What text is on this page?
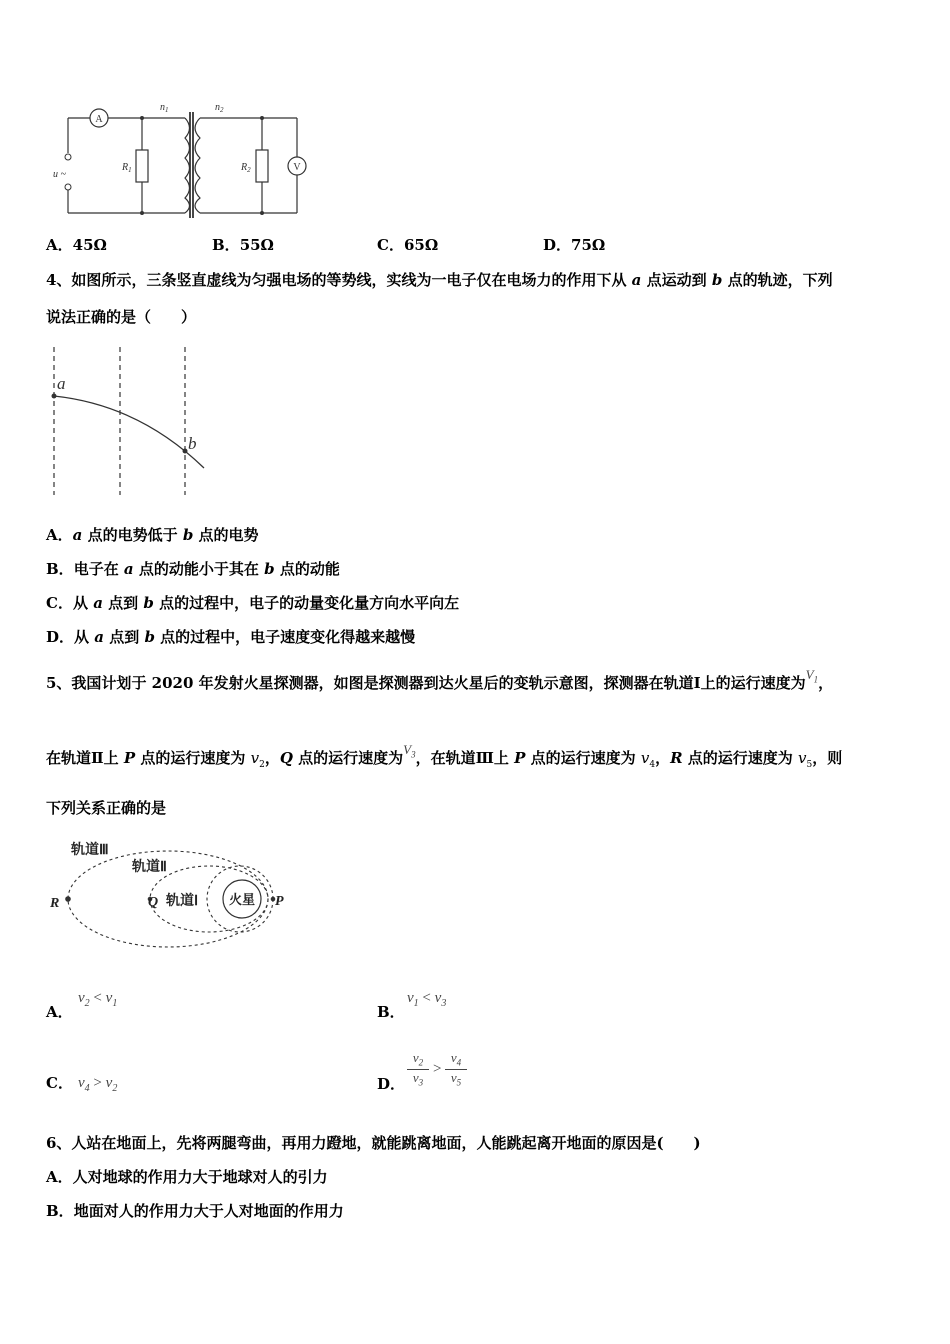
A
V
$n_1$	$n_2$
u ~
$R_1$	$R_2$
A．45Ω	B．55Ω	C．65Ω	D．75Ω
4、如图所示，三条竖直虚线为匀强电场的等势线，实线为一电子仅在电场力的作用下从 a 点运动到 b 点的轨迹，下列
说法正确的是（　　）
a
b
A．a 点的电势低于 b 点的电势
B．电子在 a 点的动能小于其在 b 点的动能
C．从 a 点到 b 点的过程中，电子的动量变化量方向水平向左
D．从 a 点到 b 点的过程中，电子速度变化得越来越慢
5、我国计划于 2020 年发射火星探测器，如图是探测器到达火星后的变轨示意图，探测器在轨道Ⅰ上的运行速度为$V_1$，
在轨道Ⅱ上 P 点的运行速度为 $v_2$，Q 点的运行速度为$V_3$，在轨道Ⅲ上 P 点的运行速度为 $v_4$，R 点的运行速度为 $v_5$，则
下列关系正确的是
轨道Ⅲ
轨道Ⅱ
轨道Ⅰ 火星
R	Q	P
A．
$v_2 < v_1$	B．
$v_1 < v_3$
C． $v_4 > v_2$	D． $\frac{v_2}{v_3} > \frac{v_4}{v_5}$
6、人站在地面上，先将两腿弯曲，再用力蹬地，就能跳离地面，人能跳起离开地面的原因是(　　)
A．人对地球的作用力大于地球对人的引力
B．地面对人的作用力大于人对地面的作用力
